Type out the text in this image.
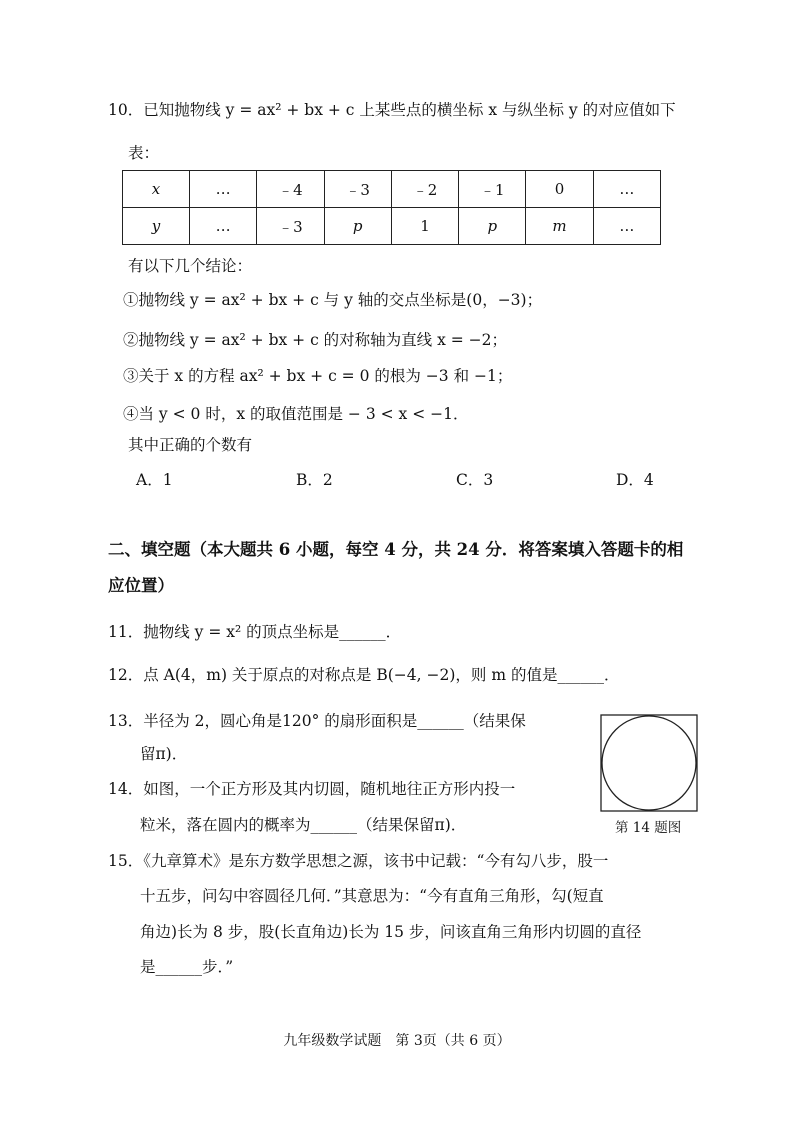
10．已知抛物线 y = ax² + bx + c 上某些点的横坐标 x 与纵坐标 y 的对应值如下
表：
x	…	﹣4	﹣3	﹣2	﹣1	0	…
y	…	﹣3	p	1	p	m	…
有以下几个结论：
①抛物线 y = ax² + bx + c 与 y 轴的交点坐标是(0，−3)；
②抛物线 y = ax² + bx + c 的对称轴为直线 x = −2；
③关于 x 的方程 ax² + bx + c = 0 的根为 −3 和 −1；
④当 y < 0 时，x 的取值范围是 − 3 < x < −1．
其中正确的个数有
A．1	B．2	C．3	D．4
二、填空题（本大题共 6 小题，每空 4 分，共 24 分．将答案填入答题卡的相
应位置）
11．抛物线 y = x² 的顶点坐标是______．
12．点 A(4，m) 关于原点的对称点是 B(−4, −2)，则 m 的值是______．
13．半径为 2，圆心角是120° 的扇形面积是______（结果保
留π)．
14．如图，一个正方形及其内切圆，随机地往正方形内投一
粒米，落在圆内的概率为______（结果保留π)．	第 14 题图
15．《九章算术》是东方数学思想之源，该书中记载：“今有勾八步，股一
十五步，问勾中容圆径几何．”其意思为：“今有直角三角形，勾(短直
角边)长为 8 步，股(长直角边)长为 15 步，问该直角三角形内切圆的直径
是______步．”
九年级数学试题　第 3页（共 6 页）
